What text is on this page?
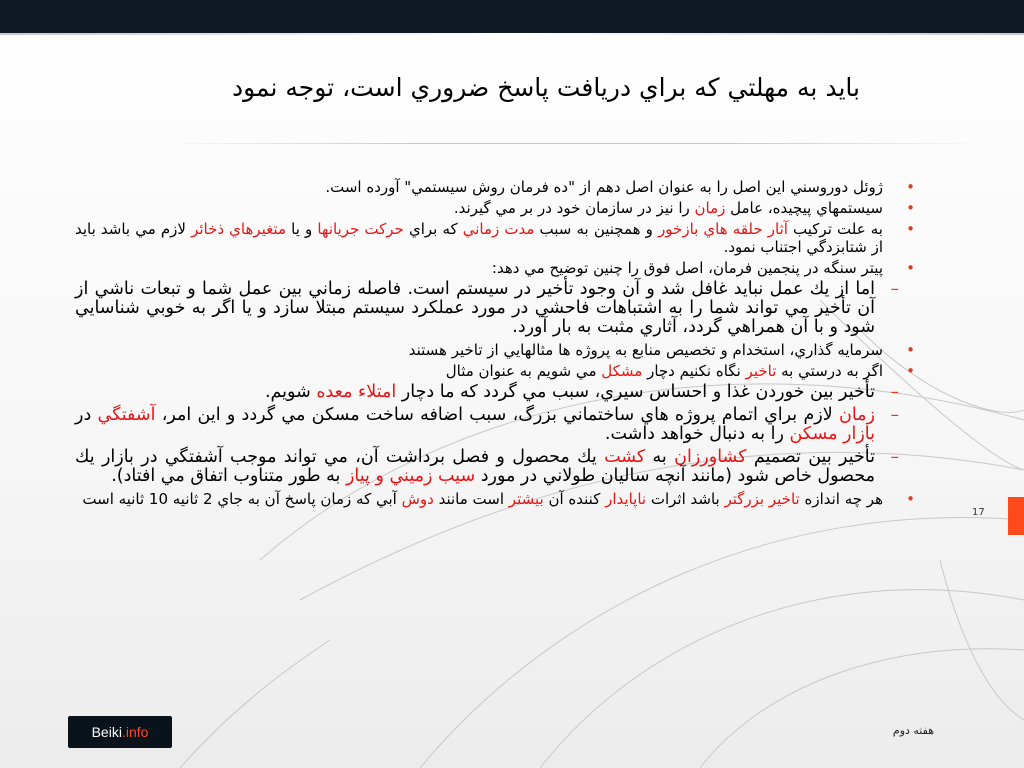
بايد به مهلتي که براي دريافت پاسخ ضروري است، توجه نمود
•
ژوئل دوروسني اين اصل را به عنوان اصل دهم از "ده فرمان روش سيستمي" آورده است.
•
سيستمهاي پيچيده، عامل زمان را نيز در سازمان خود در بر مي گيرند.
•
به علت ترکيب آثار حلقه هاي بازخور و همچنين به سبب مدت زماني که براي حرکت جريانها و يا متغيرهاي ذخائر لازم مي باشد بايد از شتابزدگي اجتناب نمود.
•
پيتر سنگه در پنجمين فرمان، اصل فوق را چنين توضيح مي دهد:
–
اما از يك عمل نبايد غافل شد و آن وجود تأخير در سيستم است. فاصله زماني بين عمل شما و تبعات ناشي از آن تأخير مي تواند شما را به اشتباهات فاحشي در مورد عملکرد سيستم مبتلا سازد و يا اگر به خوبي شناسايي شود و با آن همراهي گردد، آثاري مثبت به بار آورد.
•
سرمايه گذاري، استخدام و تخصيص منابع به پروژه ها مثالهايي از تاخير هستند
•
اگر به درستي به تاخير نگاه نکنيم دچار مشکل مي شويم به عنوان مثال
–
تأخير بين خوردن غذا و احساس سيري، سبب مي گردد که ما دچار امتلاء معده شويم.
–
زمان لازم براي اتمام پروژه هاي ساختماني بزرگ، سبب اضافه ساخت مسکن مي گردد و اين امر، آشفتگي در بازار مسکن را به دنبال خواهد داشت.
–
تأخير بين تصميم کشاورزان به کشت يك محصول و فصل برداشت آن، مي تواند موجب آشفتگي در بازار يك محصول خاص شود (مانند آنچه ساليان طولاني در مورد سيب زميني و پياز به طور متناوب اتفاق مي افتاد).
•
هر چه اندازه تاخير بزرگتر باشد اثرات ناپايدار کننده آن بيشتر است مانند دوش آبي که زمان پاسخ آن به جاي 2 ثانيه 10 ثانيه است
17
Beiki .info	هفته دوم
